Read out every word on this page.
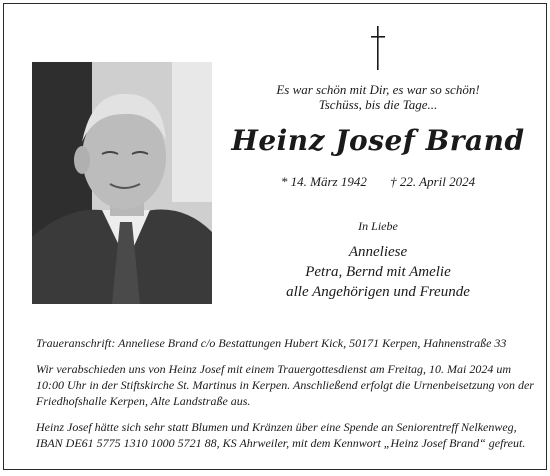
Es war schön mit Dir, es war so schön!
Tschüss, bis die Tage...
Heinz Josef Brand
* 14. März 1942 † 22. April 2024
In Liebe
Anneliese
Petra, Bernd mit Amelie
alle Angehörigen und Freunde

Traueranschrift: Anneliese Brand c/o Bestattungen Hubert Kick, 50171 Kerpen, Hahnenstraße 33

Wir verabschieden uns von Heinz Josef mit einem Trauergottesdienst am Freitag, 10. Mai 2024 um 10:00 Uhr in der Stiftskirche St. Martinus in Kerpen. Anschließend erfolgt die Urnenbeisetzung von der Friedhofshalle Kerpen, Alte Landstraße aus.

Heinz Josef hätte sich sehr statt Blumen und Kränzen über eine Spende an Seniorentreff Nelkenweg, IBAN DE61 5775 1310 1000 5721 88, KS Ahrweiler, mit dem Kennwort „Heinz Josef Brand“ gefreut.
